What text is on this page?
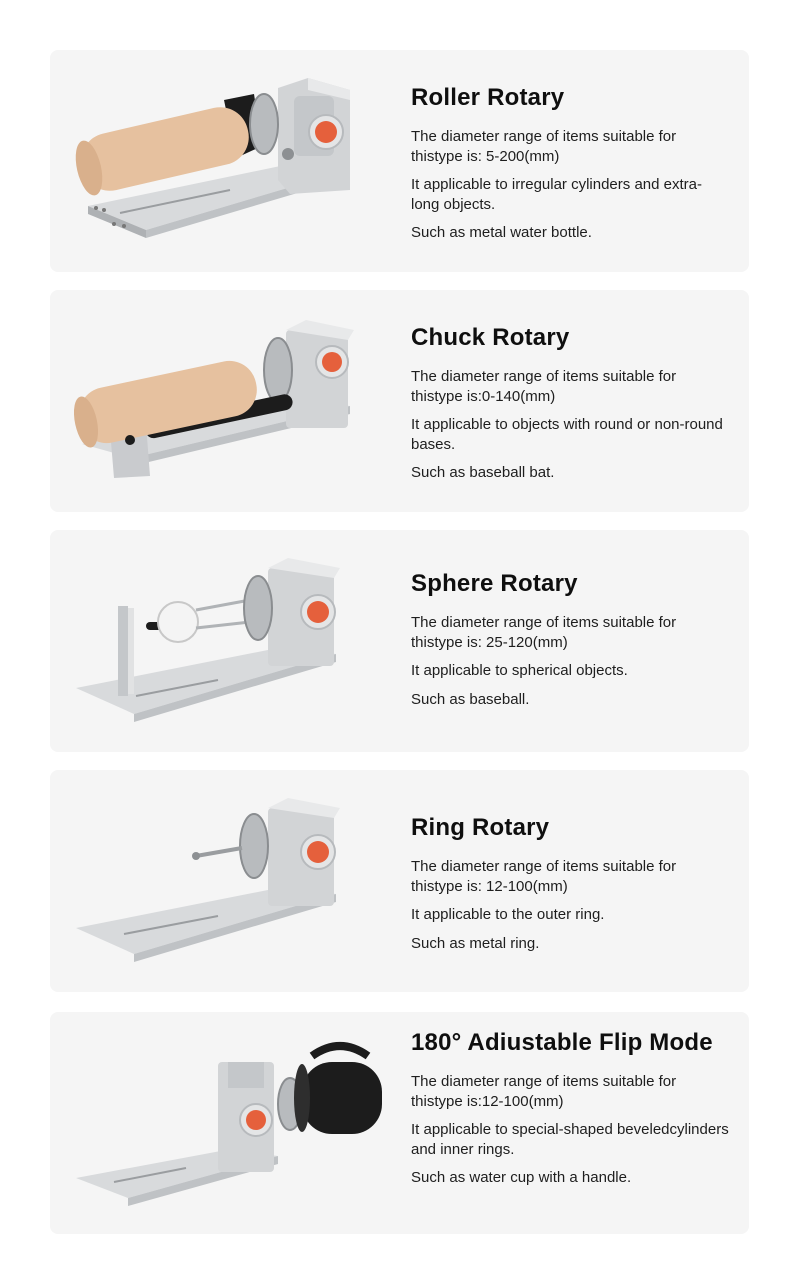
Roller Rotary

The diameter range of items suitable for thistype is: 5-200(mm)

It applicable to irregular cylinders and extra-long objects.

Such as metal water bottle.

Chuck Rotary

The diameter range of items suitable for thistype is:0-140(mm)

It applicable to objects with round or non-round bases.

Such as baseball bat.

Sphere Rotary

The diameter range of items suitable for thistype is: 25-120(mm)

It applicable to spherical objects.

Such as baseball.

Ring Rotary

The diameter range of items suitable for thistype is: 12-100(mm)

It applicable to the outer ring.

Such as metal ring.

180° Adiustable Flip Mode

The diameter range of items suitable for thistype is:12-100(mm)

It applicable to special-shaped beveledcylinders and inner rings.

Such as water cup with a handle.
